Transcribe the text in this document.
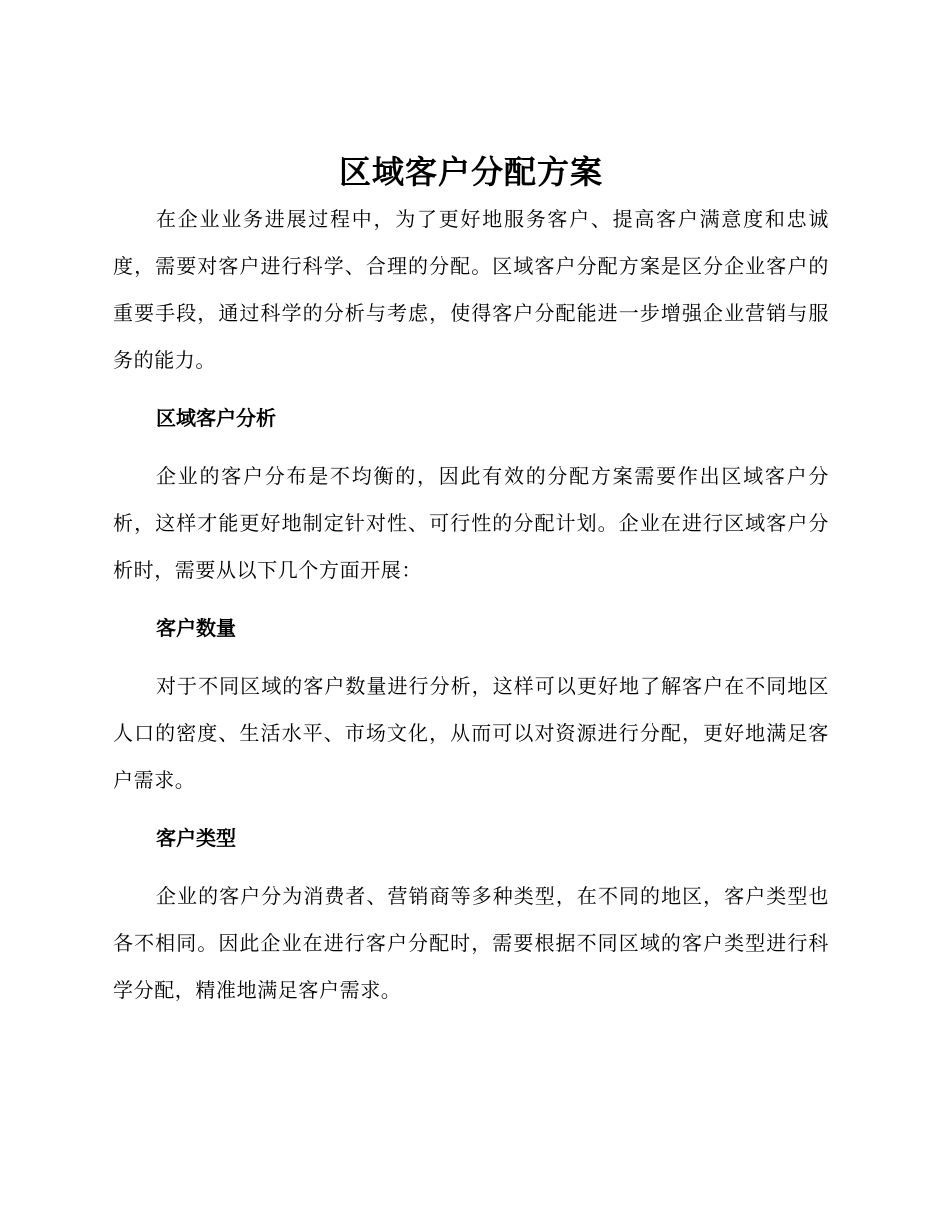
区域客户分配方案

在企业业务进展过程中，为了更好地服务客户、提高客户满意度和忠诚度，需要对客户进行科学、合理的分配。区域客户分配方案是区分企业客户的重要手段，通过科学的分析与考虑，使得客户分配能进一步增强企业营销与服务的能力。

区域客户分析

企业的客户分布是不均衡的，因此有效的分配方案需要作出区域客户分析，这样才能更好地制定针对性、可行性的分配计划。企业在进行区域客户分析时，需要从以下几个方面开展：

客户数量

对于不同区域的客户数量进行分析，这样可以更好地了解客户在不同地区人口的密度、生活水平、市场文化，从而可以对资源进行分配，更好地满足客户需求。

客户类型

企业的客户分为消费者、营销商等多种类型，在不同的地区，客户类型也各不相同。因此企业在进行客户分配时，需要根据不同区域的客户类型进行科学分配，精准地满足客户需求。
